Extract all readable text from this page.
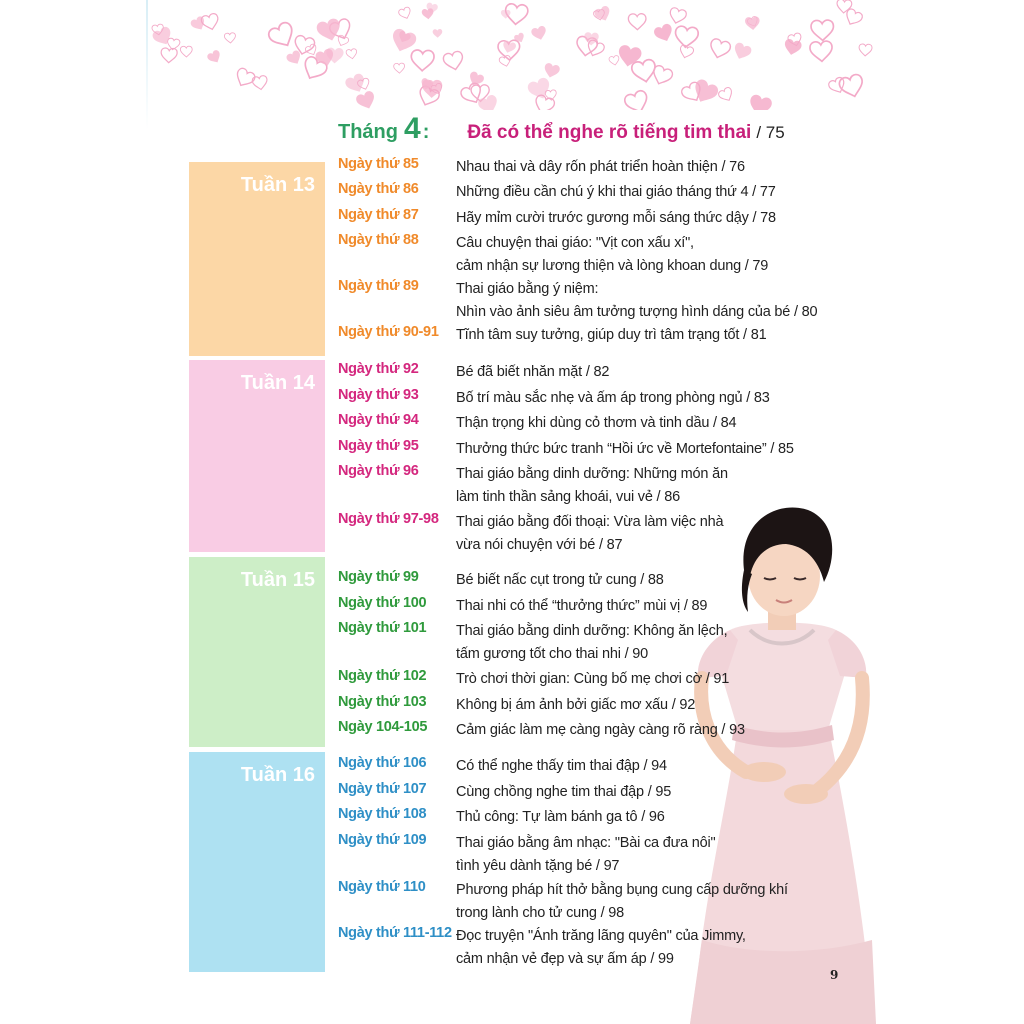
Tháng 4 : Đã có thể nghe rõ tiếng tim thai / 75
Tuần 13
Tuần 14
Tuần 15
Tuần 16
Ngày thứ 85	Nhau thai và dây rốn phát triển hoàn thiện / 76
Ngày thứ 86	Những điều cần chú ý khi thai giáo tháng thứ 4 / 77
Ngày thứ 87	Hãy mỉm cười trước gương mỗi sáng thức dậy / 78
Ngày thứ 88	Câu chuyện thai giáo: "Vịt con xấu xí",
cảm nhận sự lương thiện và lòng khoan dung / 79
Ngày thứ 89	Thai giáo bằng ý niệm:
Nhìn vào ảnh siêu âm tưởng tượng hình dáng của bé / 80
Ngày thứ 90-91	Tĩnh tâm suy tưởng, giúp duy trì tâm trạng tốt / 81
Ngày thứ 92	Bé đã biết nhăn mặt / 82
Ngày thứ 93	Bố trí màu sắc nhẹ và ấm áp trong phòng ngủ / 83
Ngày thứ 94	Thận trọng khi dùng cỏ thơm và tinh dầu / 84
Ngày thứ 95	Thưởng thức bức tranh “Hồi ức về Mortefontaine” / 85
Ngày thứ 96	Thai giáo bằng dinh dưỡng: Những món ăn
làm tinh thần sảng khoái, vui vẻ / 86
Ngày thứ 97-98	Thai giáo bằng đối thoại: Vừa làm việc nhà
vừa nói chuyện với bé / 87
Ngày thứ 99	Bé biết nấc cụt trong tử cung / 88
Ngày thứ 100	Thai nhi có thể “thưởng thức” mùi vị / 89
Ngày thứ 101	Thai giáo bằng dinh dưỡng: Không ăn lệch,
tấm gương tốt cho thai nhi / 90
Ngày thứ 102	Trò chơi thời gian: Cùng bố mẹ chơi cờ / 91
Ngày thứ 103	Không bị ám ảnh bởi giấc mơ xấu / 92
Ngày 104-105	Cảm giác làm mẹ càng ngày càng rõ ràng / 93
Ngày thứ 106	Có thể nghe thấy tim thai đập / 94
Ngày thứ 107	Cùng chồng nghe tim thai đập / 95
Ngày thứ 108	Thủ công: Tự làm bánh ga tô / 96
Ngày thứ 109	Thai giáo bằng âm nhạc: "Bài ca đưa nôi"
tình yêu dành tặng bé / 97
Ngày thứ 110	Phương pháp hít thở bằng bụng cung cấp dưỡng khí
trong lành cho tử cung / 98
Ngày thứ 111-112 Đọc truyện "Ánh trăng lãng quyên" của Jimmy,
cảm nhận vẻ đẹp và sự ấm áp / 99
9
